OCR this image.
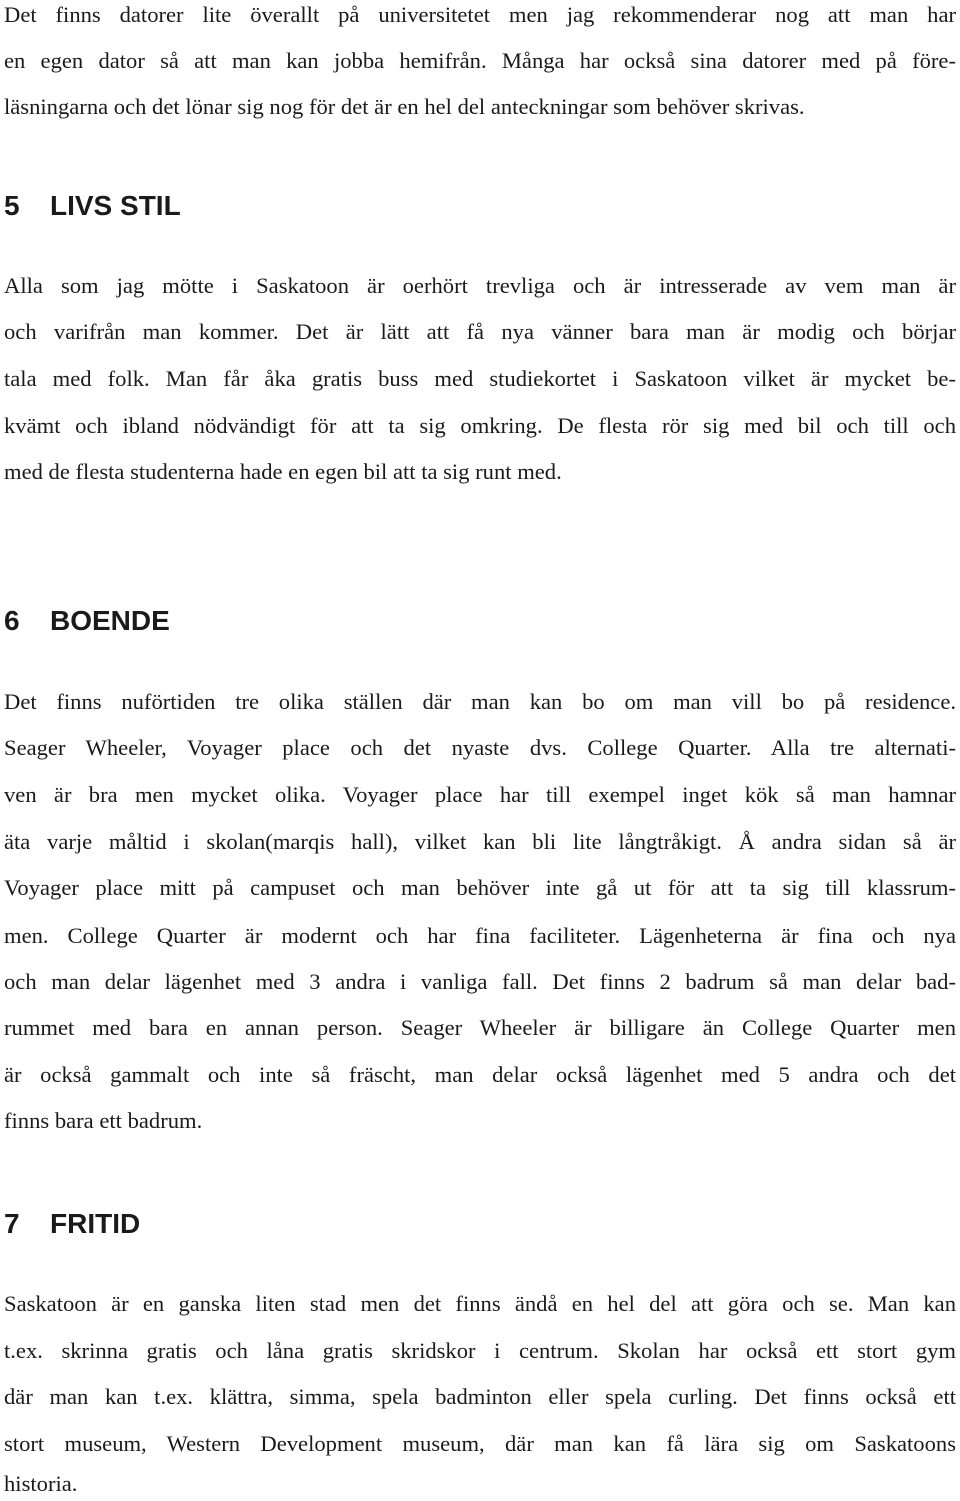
Det finns datorer lite överallt på universitetet men jag rekommenderar nog att man har
en egen dator så att man kan jobba hemifrån. Många har också sina datorer med på före-
läsningarna och det lönar sig nog för det är en hel del anteckningar som behöver skrivas.
5 LIVS STIL
Alla som jag mötte i Saskatoon är oerhört trevliga och är intresserade av vem man är
och varifrån man kommer. Det är lätt att få nya vänner bara man är modig och börjar
tala med folk. Man får åka gratis buss med studiekortet i Saskatoon vilket är mycket be-
kvämt och ibland nödvändigt för att ta sig omkring. De flesta rör sig med bil och till och
med de flesta studenterna hade en egen bil att ta sig runt med.
6 BOENDE
Det finns nuförtiden tre olika ställen där man kan bo om man vill bo på residence.
Seager Wheeler, Voyager place och det nyaste dvs. College Quarter. Alla tre alternati-
ven är bra men mycket olika. Voyager place har till exempel inget kök så man hamnar
äta varje måltid i skolan(marqis hall), vilket kan bli lite långtråkigt. Å andra sidan så är
Voyager place mitt på campuset och man behöver inte gå ut för att ta sig till klassrum-
men. College Quarter är modernt och har fina faciliteter. Lägenheterna är fina och nya
och man delar lägenhet med 3 andra i vanliga fall. Det finns 2 badrum så man delar bad-
rummet med bara en annan person. Seager Wheeler är billigare än College Quarter men
är också gammalt och inte så fräscht, man delar också lägenhet med 5 andra och det
finns bara ett badrum.
7 FRITID
Saskatoon är en ganska liten stad men det finns ändå en hel del att göra och se. Man kan
t.ex. skrinna gratis och låna gratis skridskor i centrum. Skolan har också ett stort gym
där man kan t.ex. klättra, simma, spela badminton eller spela curling. Det finns också ett
stort museum, Western Development museum, där man kan få lära sig om Saskatoons
historia.
